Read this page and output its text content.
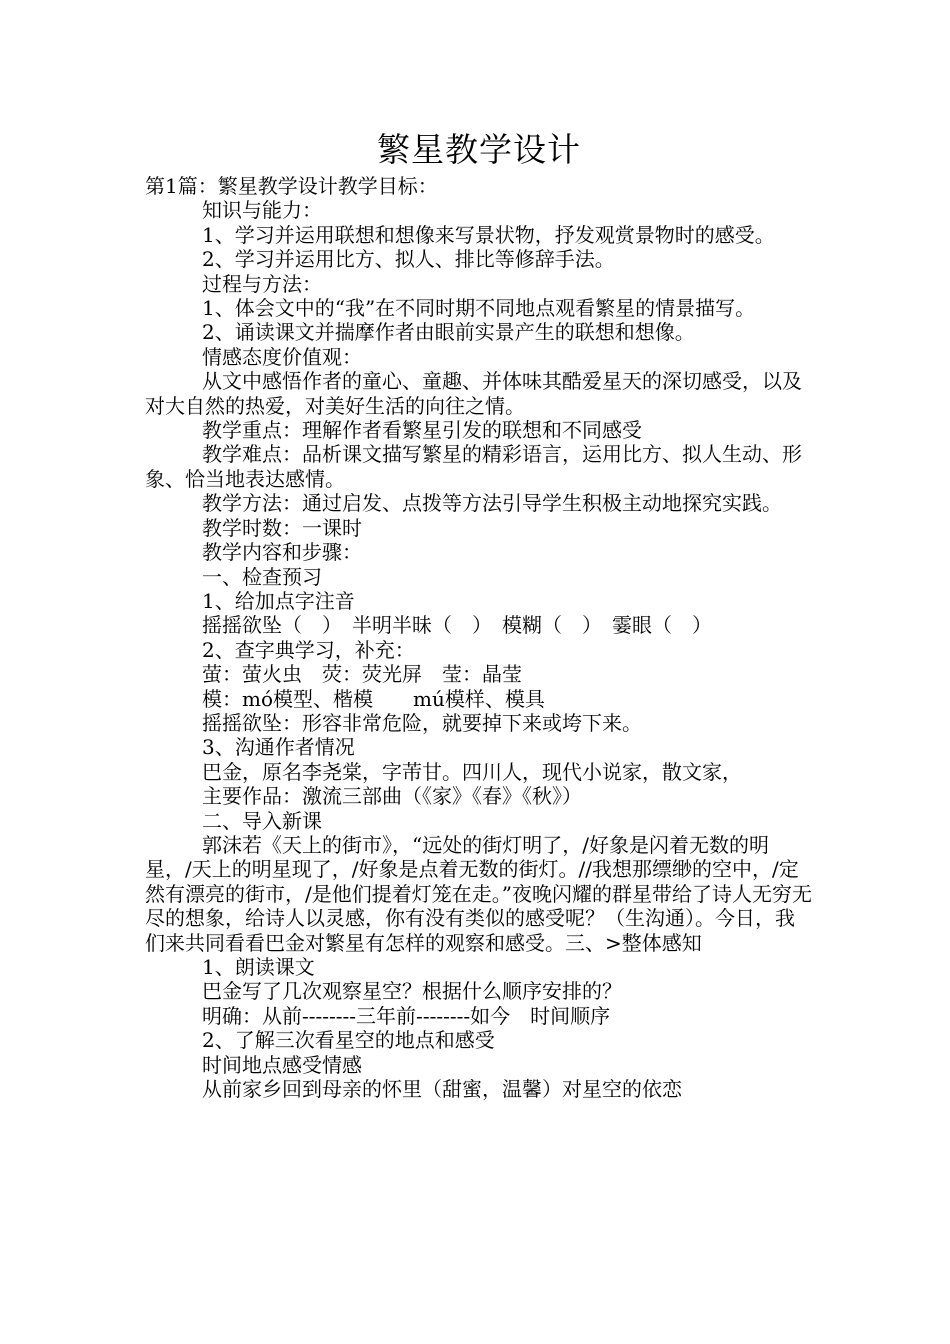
繁星教学设计

第1篇：繁星教学设计教学目标：

知识与能力：

1、学习并运用联想和想像来写景状物，抒发观赏景物时的感受。

2、学习并运用比方、拟人、排比等修辞手法。

过程与方法：

1、体会文中的“我”在不同时期不同地点观看繁星的情景描写。

2、诵读课文并揣摩作者由眼前实景产生的联想和想像。

情感态度价值观：

从文中感悟作者的童心、童趣、并体味其酷爱星天的深切感受，以及对大自然的热爱，对美好生活的向往之情。

教学重点：理解作者看繁星引发的联想和不同感受

教学难点：品析课文描写繁星的精彩语言，运用比方、拟人生动、形象、恰当地表达感情。

教学方法：通过启发、点拨等方法引导学生积极主动地探究实践。

教学时数：一课时

教学内容和步骤：

一、检查预习

1、给加点字注音

摇摇欲坠（　）　半明半昧（　）　模糊（　）　霎眼（　）

2、查字典学习，补充：

萤：萤火虫　荧：荧光屏　莹：晶莹

模：mó模型、楷模　　mú模样、模具

摇摇欲坠：形容非常危险，就要掉下来或垮下来。

3、沟通作者情况

巴金，原名李尧棠，字芾甘。四川人，现代小说家，散文家，

主要作品：激流三部曲（《家》《春》《秋》）

二、导入新课

郭沫若《天上的街市》，“远处的街灯明了，/好象是闪着无数的明星，/天上的明星现了，/好象是点着无数的街灯。//我想那缥缈的空中，/定然有漂亮的街市，/是他们提着灯笼在走。”夜晚闪耀的群星带给了诗人无穷无尽的想象，给诗人以灵感，你有没有类似的感受呢？（生沟通）。今日，我们来共同看看巴金对繁星有怎样的观察和感受。三、>整体感知

1、朗读课文

巴金写了几次观察星空？根据什么顺序安排的？

明确：从前--------三年前--------如今　时间顺序

2、了解三次看星空的地点和感受

时间地点感受情感

从前家乡回到母亲的怀里（甜蜜，温馨）对星空的依恋
